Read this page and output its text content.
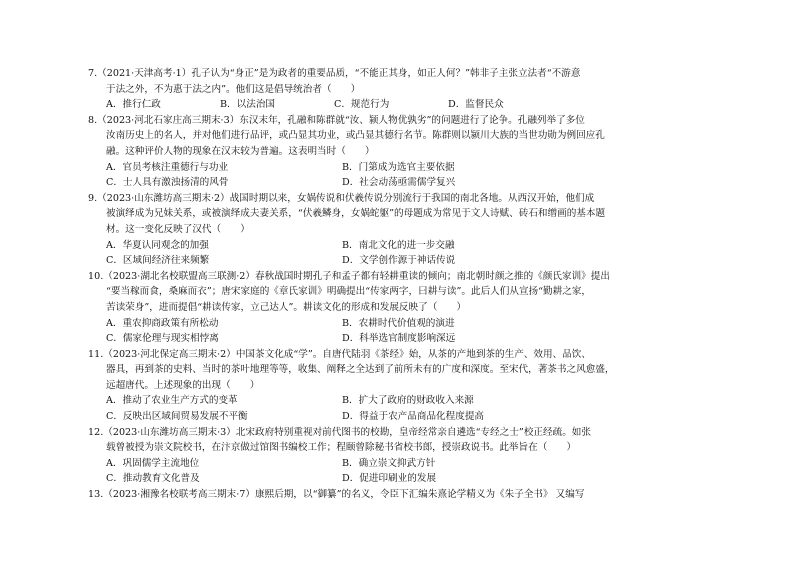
7.（2021·天津高考·1）孔子认为“身正”是为政者的重要品质，“不能正其身，如正人何？”韩非子主张立法者“不游意
于法之外，不为惠于法之内”。他们这是倡导统治者（　　）
A．推行仁政	B．以法治国	C．规范行为	D．监督民众
8.（2023·河北石家庄高三期末·3）东汉末年，孔融和陈群就“汝、颍人物优孰劣”的问题进行了论争。孔融列举了多位
汝南历史上的名人，并对他们进行品评，或凸显其功业，或凸显其德行名节。陈群则以颍川大族的当世功勋为例回应孔
融。这种评价人物的现象在汉末较为普遍。这表明当时（　　）
A．官员考核注重德行与功业	B．门第成为选官主要依据
C．士人具有激浊扬清的风骨	D．社会动荡亟需儒学复兴
9.（2023·山东潍坊高三期末·2）战国时期以来，女娲传说和伏羲传说分别流行于我国的南北各地。从西汉开始，他们成
被演绎成为兄妹关系，或被演绎成夫妻关系，“伏羲鳞身，女娲蛇躯”的母题成为常见于文人诗赋、砖石和缯画的基本题
材。这一变化反映了汉代（　　）
A．华夏认同观念的加强	B．南北文化的进一步交融
C．区域间经济往来频繁	D．文学创作源于神话传说
10.（2023·湖北名校联盟高三联测·2）春秋战国时期孔子和孟子都有轻耕重读的倾向；南北朝时颜之推的《颜氏家训》提出
“要当稼而食，桑麻而衣”；唐宋家庭的《章氏家训》明确提出“传家两字，曰耕与读”。此后人们从宣扬“勤耕之家，
苦读荣身”，进而提倡“耕读传家，立己达人”。耕读文化的形成和发展反映了（　　）
A．重农抑商政策有所松动	B．农耕时代价值观的演进
C．儒家伦理与现实相悖离	D．科举选官制度影响深远
11.（2023·河北保定高三期末·2）中国茶文化成“学”。自唐代陆羽《茶经》始，从茶的产地到茶的生产、效用、品饮、
器具，再到茶的史料、当时的茶叶地理等等，收集、阐释之全达到了前所未有的广度和深度。至宋代，著茶书之风愈盛，
远超唐代。上述现象的出现（　　）
A．推动了农业生产方式的变革	B．扩大了政府的财政收入来源
C．反映出区域间贸易发展不平衡	D．得益于农产品商品化程度提高
12.（2023·山东潍坊高三期末·3）北宋政府特别重视对前代图书的校勘，皇帝经常亲自遴选“专经之士”校正经疏。如张
载曾被授为崇文院校书，在汴京做过馆图书编校工作；程颐曾除秘书省校书郎，授崇政说书。此举旨在（　　）
A．巩固儒学主流地位	B．确立崇文抑武方针
C．推动教育文化普及	D．促进印刷业的发展
13.（2023·湘豫名校联考高三期末·7）康熙后期，以“御纂”的名义，令臣下汇编朱熹论学精义为《朱子全书》 又编写
